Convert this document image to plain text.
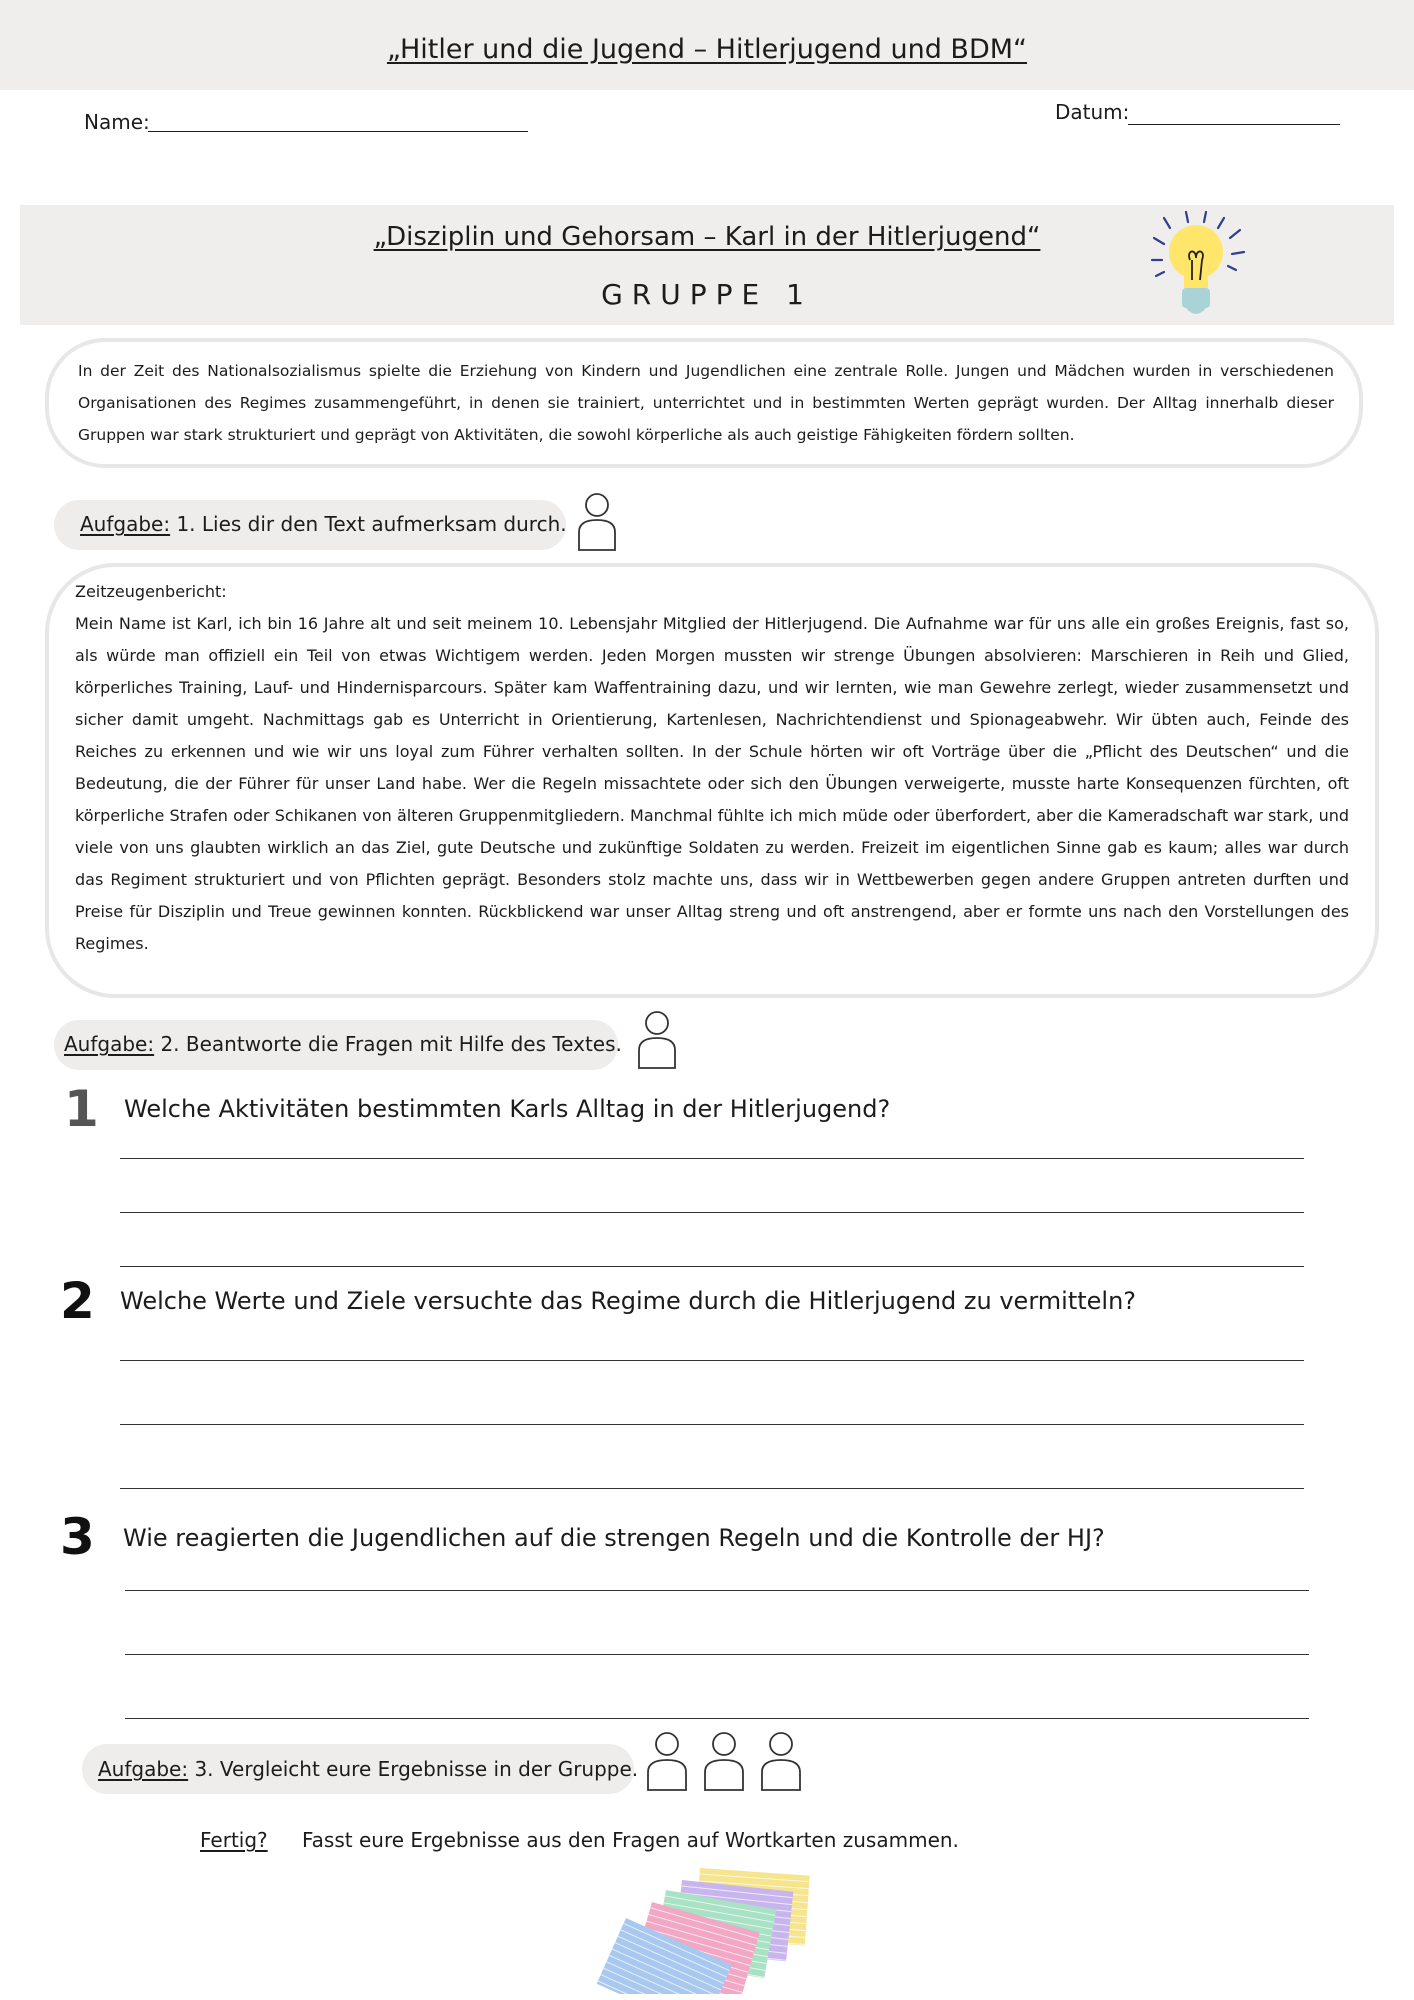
„Hitler und die Jugend – Hitlerjugend und BDM“
Name:	Datum:
„Disziplin und Gehorsam – Karl in der Hitlerjugend“
GRUPPE 1
In der Zeit des Nationalsozialismus spielte die Erziehung von Kindern und Jugendlichen eine zentrale Rolle. Jungen und Mädchen wurden in verschiedenen Organisationen des Regimes zusammengeführt, in denen sie trainiert, unterrichtet und in bestimmten Werten geprägt wurden. Der Alltag innerhalb dieser Gruppen war stark strukturiert und geprägt von Aktivitäten, die sowohl körperliche als auch geistige Fähigkeiten fördern sollten.
Aufgabe: 1. Lies dir den Text aufmerksam durch.
Zeitzeugenbericht:
Mein Name ist Karl, ich bin 16 Jahre alt und seit meinem 10. Lebensjahr Mitglied der Hitlerjugend. Die Aufnahme war für uns alle ein großes Ereignis, fast so, als würde man offiziell ein Teil von etwas Wichtigem werden. Jeden Morgen mussten wir strenge Übungen absolvieren: Marschieren in Reih und Glied, körperliches Training, Lauf- und Hindernisparcours. Später kam Waffentraining dazu, und wir lernten, wie man Gewehre zerlegt, wieder zusammensetzt und sicher damit umgeht. Nachmittags gab es Unterricht in Orientierung, Kartenlesen, Nachrichtendienst und Spionageabwehr. Wir übten auch, Feinde des Reiches zu erkennen und wie wir uns loyal zum Führer verhalten sollten. In der Schule hörten wir oft Vorträge über die „Pflicht des Deutschen“ und die Bedeutung, die der Führer für unser Land habe. Wer die Regeln missachtete oder sich den Übungen verweigerte, musste harte Konsequenzen fürchten, oft körperliche Strafen oder Schikanen von älteren Gruppenmitgliedern. Manchmal fühlte ich mich müde oder überfordert, aber die Kameradschaft war stark, und viele von uns glaubten wirklich an das Ziel, gute Deutsche und zukünftige Soldaten zu werden. Freizeit im eigentlichen Sinne gab es kaum; alles war durch das Regiment strukturiert und von Pflichten geprägt. Besonders stolz machte uns, dass wir in Wettbewerben gegen andere Gruppen antreten durften und Preise für Disziplin und Treue gewinnen konnten. Rückblickend war unser Alltag streng und oft anstrengend, aber er formte uns nach den Vorstellungen des Regimes.
Aufgabe: 2. Beantworte die Fragen mit Hilfe des Textes.
1 Welche Aktivitäten bestimmten Karls Alltag in der Hitlerjugend?
2 Welche Werte und Ziele versuchte das Regime durch die Hitlerjugend zu vermitteln?
3 Wie reagierten die Jugendlichen auf die strengen Regeln und die Kontrolle der HJ?
Aufgabe: 3. Vergleicht eure Ergebnisse in der Gruppe.
Fertig? Fasst eure Ergebnisse aus den Fragen auf Wortkarten zusammen.
